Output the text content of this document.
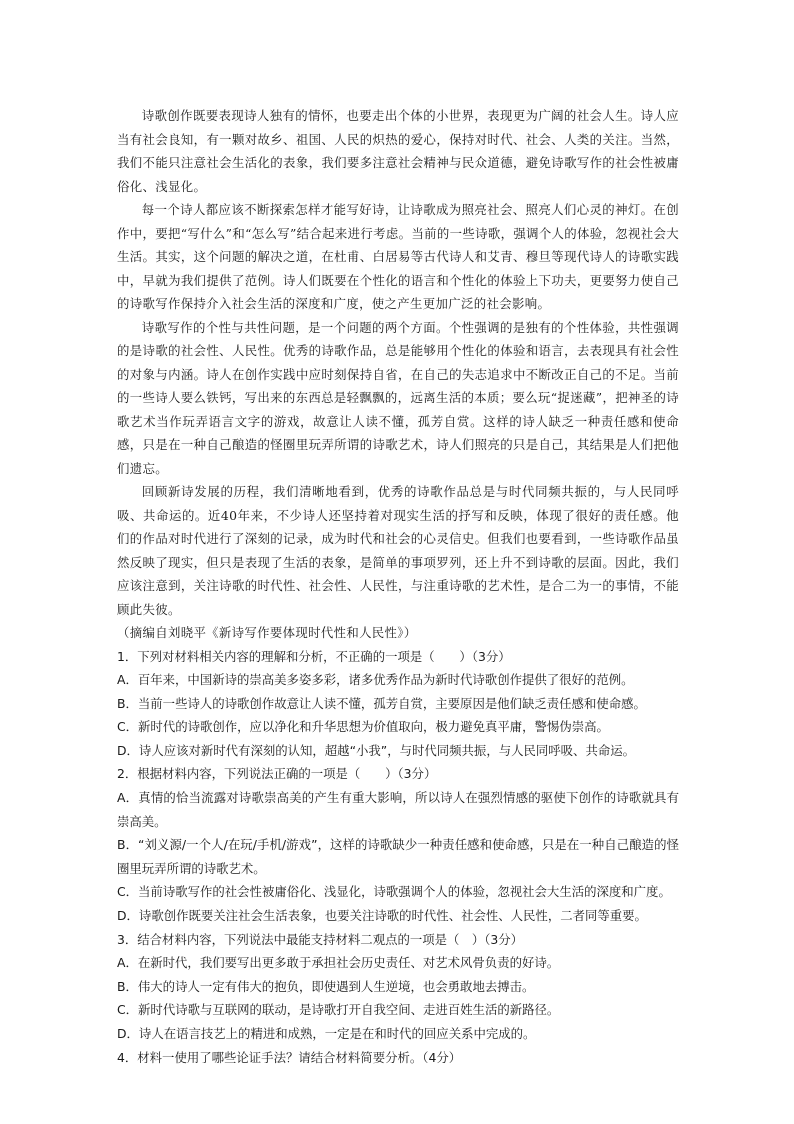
诗歌创作既要表现诗人独有的情怀，也要走出个体的小世界，表现更为广阔的社会人生。诗人应当有社会良知，有一颗对故乡、祖国、人民的炽热的爱心，保持对时代、社会、人类的关注。当然，我们不能只注意社会生活化的表象，我们要多注意社会精神与民众道德，避免诗歌写作的社会性被庸俗化、浅显化。

每一个诗人都应该不断探索怎样才能写好诗，让诗歌成为照亮社会、照亮人们心灵的神灯。在创作中，要把“写什么”和“怎么写”结合起来进行考虑。当前的一些诗歌，强调个人的体验，忽视社会大生活。其实，这个问题的解决之道，在杜甫、白居易等古代诗人和艾青、穆旦等现代诗人的诗歌实践中，早就为我们提供了范例。诗人们既要在个性化的语言和个性化的体验上下功夫，更要努力使自己的诗歌写作保持介入社会生活的深度和广度，使之产生更加广泛的社会影响。

诗歌写作的个性与共性问题，是一个问题的两个方面。个性强调的是独有的个性体验，共性强调的是诗歌的社会性、人民性。优秀的诗歌作品，总是能够用个性化的体验和语言，去表现具有社会性的对象与内涵。诗人在创作实践中应时刻保持自省，在自己的失志追求中不断改正自己的不足。当前的一些诗人要么铁钙，写出来的东西总是轻飘飘的，远离生活的本质；要么玩“捉迷藏”，把神圣的诗歌艺术当作玩弄语言文字的游戏，故意让人读不懂，孤芳自赏。这样的诗人缺乏一种责任感和使命感，只是在一种自己酿造的怪圈里玩弄所谓的诗歌艺术，诗人们照亮的只是自己，其结果是人们把他们遗忘。

回顾新诗发展的历程，我们清晰地看到，优秀的诗歌作品总是与时代同频共振的，与人民同呼吸、共命运的。近40年来，不少诗人还坚持着对现实生活的抒写和反映，体现了很好的责任感。他们的作品对时代进行了深刻的记录，成为时代和社会的心灵信史。但我们也要看到，一些诗歌作品虽然反映了现实，但只是表现了生活的表象，是简单的事项罗列，还上升不到诗歌的层面。因此，我们应该注意到，关注诗歌的时代性、社会性、人民性，与注重诗歌的艺术性，是合二为一的事情，不能顾此失彼。

（摘编自刘晓平《新诗写作要体现时代性和人民性》）

1．下列对材料相关内容的理解和分析，不正确的一项是（　　）（3分）

A．百年来，中国新诗的崇高美多姿多彩，诸多优秀作品为新时代诗歌创作提供了很好的范例。

B．当前一些诗人的诗歌创作故意让人读不懂，孤芳自赏，主要原因是他们缺乏责任感和使命感。

C．新时代的诗歌创作，应以净化和升华思想为价值取向，极力避免真平庸，警惕伪崇高。

D．诗人应该对新时代有深刻的认知，超越“小我”，与时代同频共振，与人民同呼吸、共命运。

2．根据材料内容，下列说法正确的一项是（　　）（3分）

A．真情的恰当流露对诗歌崇高美的产生有重大影响，所以诗人在强烈情感的驱使下创作的诗歌就具有崇高美。

B．“刘义源/一个人/在玩/手机/游戏”，这样的诗歌缺少一种责任感和使命感，只是在一种自己酿造的怪圈里玩弄所谓的诗歌艺术。

C．当前诗歌写作的社会性被庸俗化、浅显化，诗歌强调个人的体验，忽视社会大生活的深度和广度。

D．诗歌创作既要关注社会生活表象，也要关注诗歌的时代性、社会性、人民性，二者同等重要。

3．结合材料内容，下列说法中最能支持材料二观点的一项是（　）（3分）

A．在新时代，我们要写出更多敢于承担社会历史责任、对艺术风骨负责的好诗。

B．伟大的诗人一定有伟大的抱负，即使遇到人生逆境，也会勇敢地去搏击。

C．新时代诗歌与互联网的联动，是诗歌打开自我空间、走进百姓生活的新路径。

D．诗人在语言技艺上的精进和成熟，一定是在和时代的回应关系中完成的。

4．材料一使用了哪些论证手法？请结合材料简要分析。（4分）
